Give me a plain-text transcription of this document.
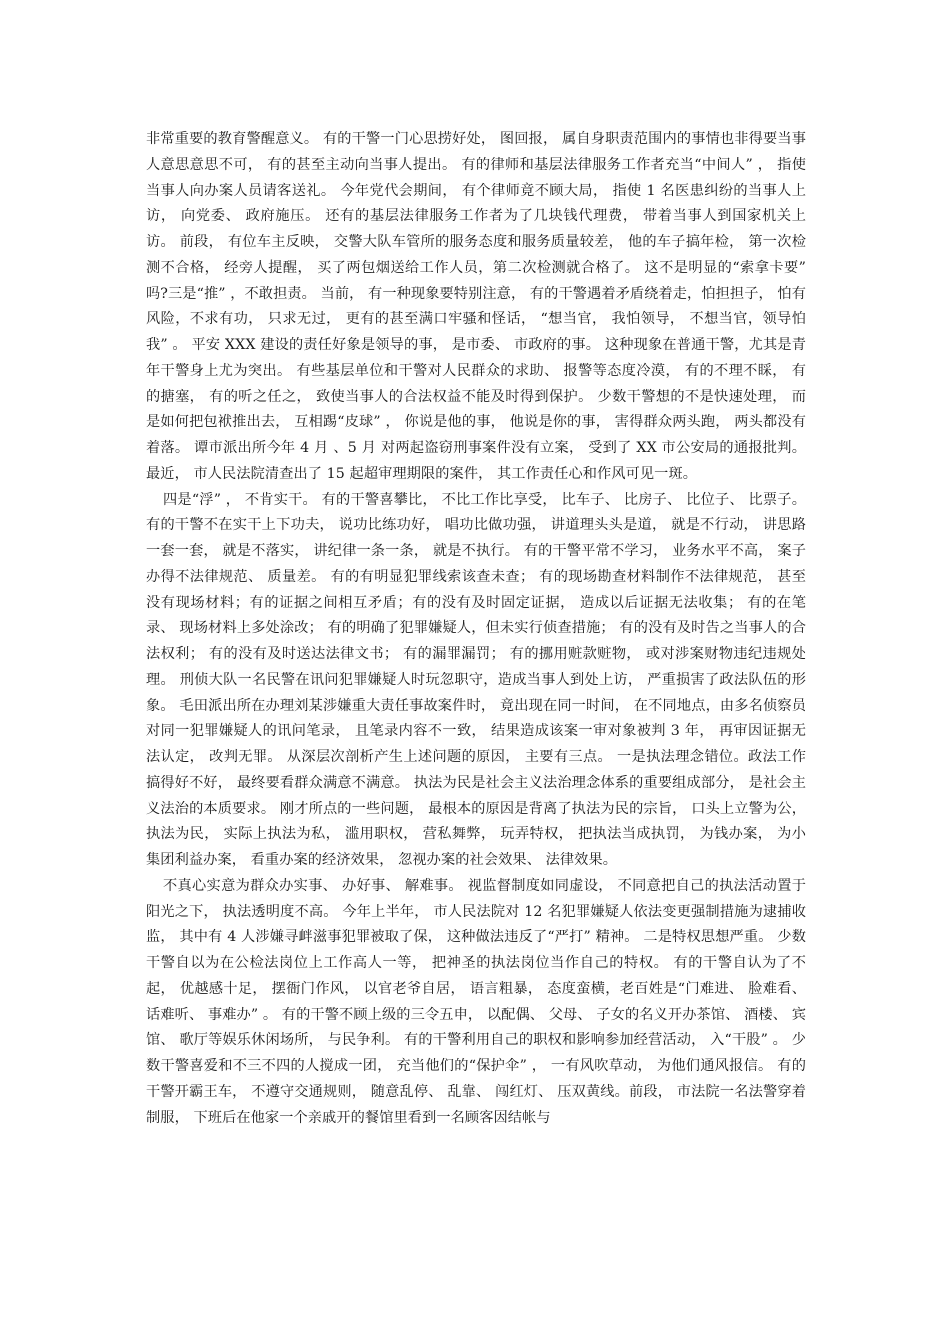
非常重要的教育警醒意义。 有的干警一门心思捞好处， 图回报， 属自身职责范围内的事情也非得要当事人意思意思不可， 有的甚至主动向当事人提出。 有的律师和基层法律服务工作者充当“中间人” ， 指使当事人向办案人员请客送礼。 今年党代会期间， 有个律师竟不顾大局， 指使 1 名医患纠纷的当事人上访， 向党委、 政府施压。 还有的基层法律服务工作者为了几块钱代理费， 带着当事人到国家机关上访。 前段， 有位车主反映， 交警大队车管所的服务态度和服务质量较差， 他的车子搞年检， 第一次检测不合格， 经旁人提醒， 买了两包烟送给工作人员，第二次检测就合格了。 这不是明显的“索拿卡要” 吗?三是“推” ，不敢担责。 当前， 有一种现象要特别注意， 有的干警遇着矛盾绕着走，怕担担子， 怕有风险，不求有功， 只求无过， 更有的甚至满口牢骚和怪话， “想当官， 我怕领导， 不想当官，领导怕我” 。 平安 XXX 建设的责任好象是领导的事， 是市委、 市政府的事。 这种现象在普通干警，尤其是青年干警身上尤为突出。 有些基层单位和干警对人民群众的求助、 报警等态度冷漠， 有的不理不睬， 有的搪塞， 有的听之任之， 致使当事人的合法权益不能及时得到保护。 少数干警想的不是快速处理， 而是如何把包袱推出去， 互相踢“皮球” ， 你说是他的事， 他说是你的事， 害得群众两头跑， 两头都没有着落。 谭市派出所今年 4 月 、5 月 对两起盗窃刑事案件没有立案， 受到了 XX 市公安局的通报批判。最近， 市人民法院清查出了 15 起超审理期限的案件， 其工作责任心和作风可见一斑。

四是“浮” ， 不肯实干。 有的干警喜攀比， 不比工作比享受， 比车子、 比房子、 比位子、 比票子。 有的干警不在实干上下功夫， 说功比练功好， 唱功比做功强， 讲道理头头是道， 就是不行动， 讲思路一套一套， 就是不落实， 讲纪律一条一条， 就是不执行。 有的干警平常不学习， 业务水平不高， 案子办得不法律规范、 质量差。 有的有明显犯罪线索该查未查； 有的现场勘查材料制作不法律规范， 甚至没有现场材料；有的证据之间相互矛盾；有的没有及时固定证据， 造成以后证据无法收集； 有的在笔录、 现场材料上多处涂改； 有的明确了犯罪嫌疑人，但未实行侦查措施； 有的没有及时告之当事人的合法权利； 有的没有及时送达法律文书； 有的漏罪漏罚； 有的挪用赃款赃物， 或对涉案财物违纪违规处理。 刑侦大队一名民警在讯问犯罪嫌疑人时玩忽职守，造成当事人到处上访， 严重损害了政法队伍的形象。 毛田派出所在办理刘某涉嫌重大责任事故案件时， 竟出现在同一时间， 在不同地点，由多名侦察员对同一犯罪嫌疑人的讯问笔录， 且笔录内容不一致， 结果造成该案一审对象被判 3 年， 再审因证据无法认定， 改判无罪。 从深层次剖析产生上述问题的原因， 主要有三点。 一是执法理念错位。政法工作搞得好不好， 最终要看群众满意不满意。 执法为民是社会主义法治理念体系的重要组成部分， 是社会主义法治的本质要求。 刚才所点的一些问题， 最根本的原因是背离了执法为民的宗旨， 口头上立警为公， 执法为民， 实际上执法为私， 滥用职权， 营私舞弊， 玩弄特权， 把执法当成执罚， 为钱办案， 为小集团利益办案， 看重办案的经济效果， 忽视办案的社会效果、 法律效果。

不真心实意为群众办实事、 办好事、 解难事。 视监督制度如同虚设， 不同意把自己的执法活动置于阳光之下， 执法透明度不高。 今年上半年， 市人民法院对 12 名犯罪嫌疑人依法变更强制措施为逮捕收监， 其中有 4 人涉嫌寻衅滋事犯罪被取了保， 这种做法违反了“严打” 精神。 二是特权思想严重。 少数干警自以为在公检法岗位上工作高人一等， 把神圣的执法岗位当作自己的特权。 有的干警自认为了不起， 优越感十足， 摆衙门作风， 以官老爷自居， 语言粗暴， 态度蛮横，老百姓是“门难进、 脸难看、 话难听、 事难办” 。 有的干警不顾上级的三令五申， 以配偶、 父母、 子女的名义开办茶馆、 酒楼、 宾馆、 歌厅等娱乐休闲场所， 与民争利。 有的干警利用自己的职权和影响参加经营活动， 入“干股” 。 少数干警喜爱和不三不四的人搅成一团， 充当他们的“保护伞” ， 一有风吹草动， 为他们通风报信。 有的干警开霸王车， 不遵守交通规则， 随意乱停、 乱靠、 闯红灯、 压双黄线。前段， 市法院一名法警穿着制服， 下班后在他家一个亲戚开的餐馆里看到一名顾客因结帐与
